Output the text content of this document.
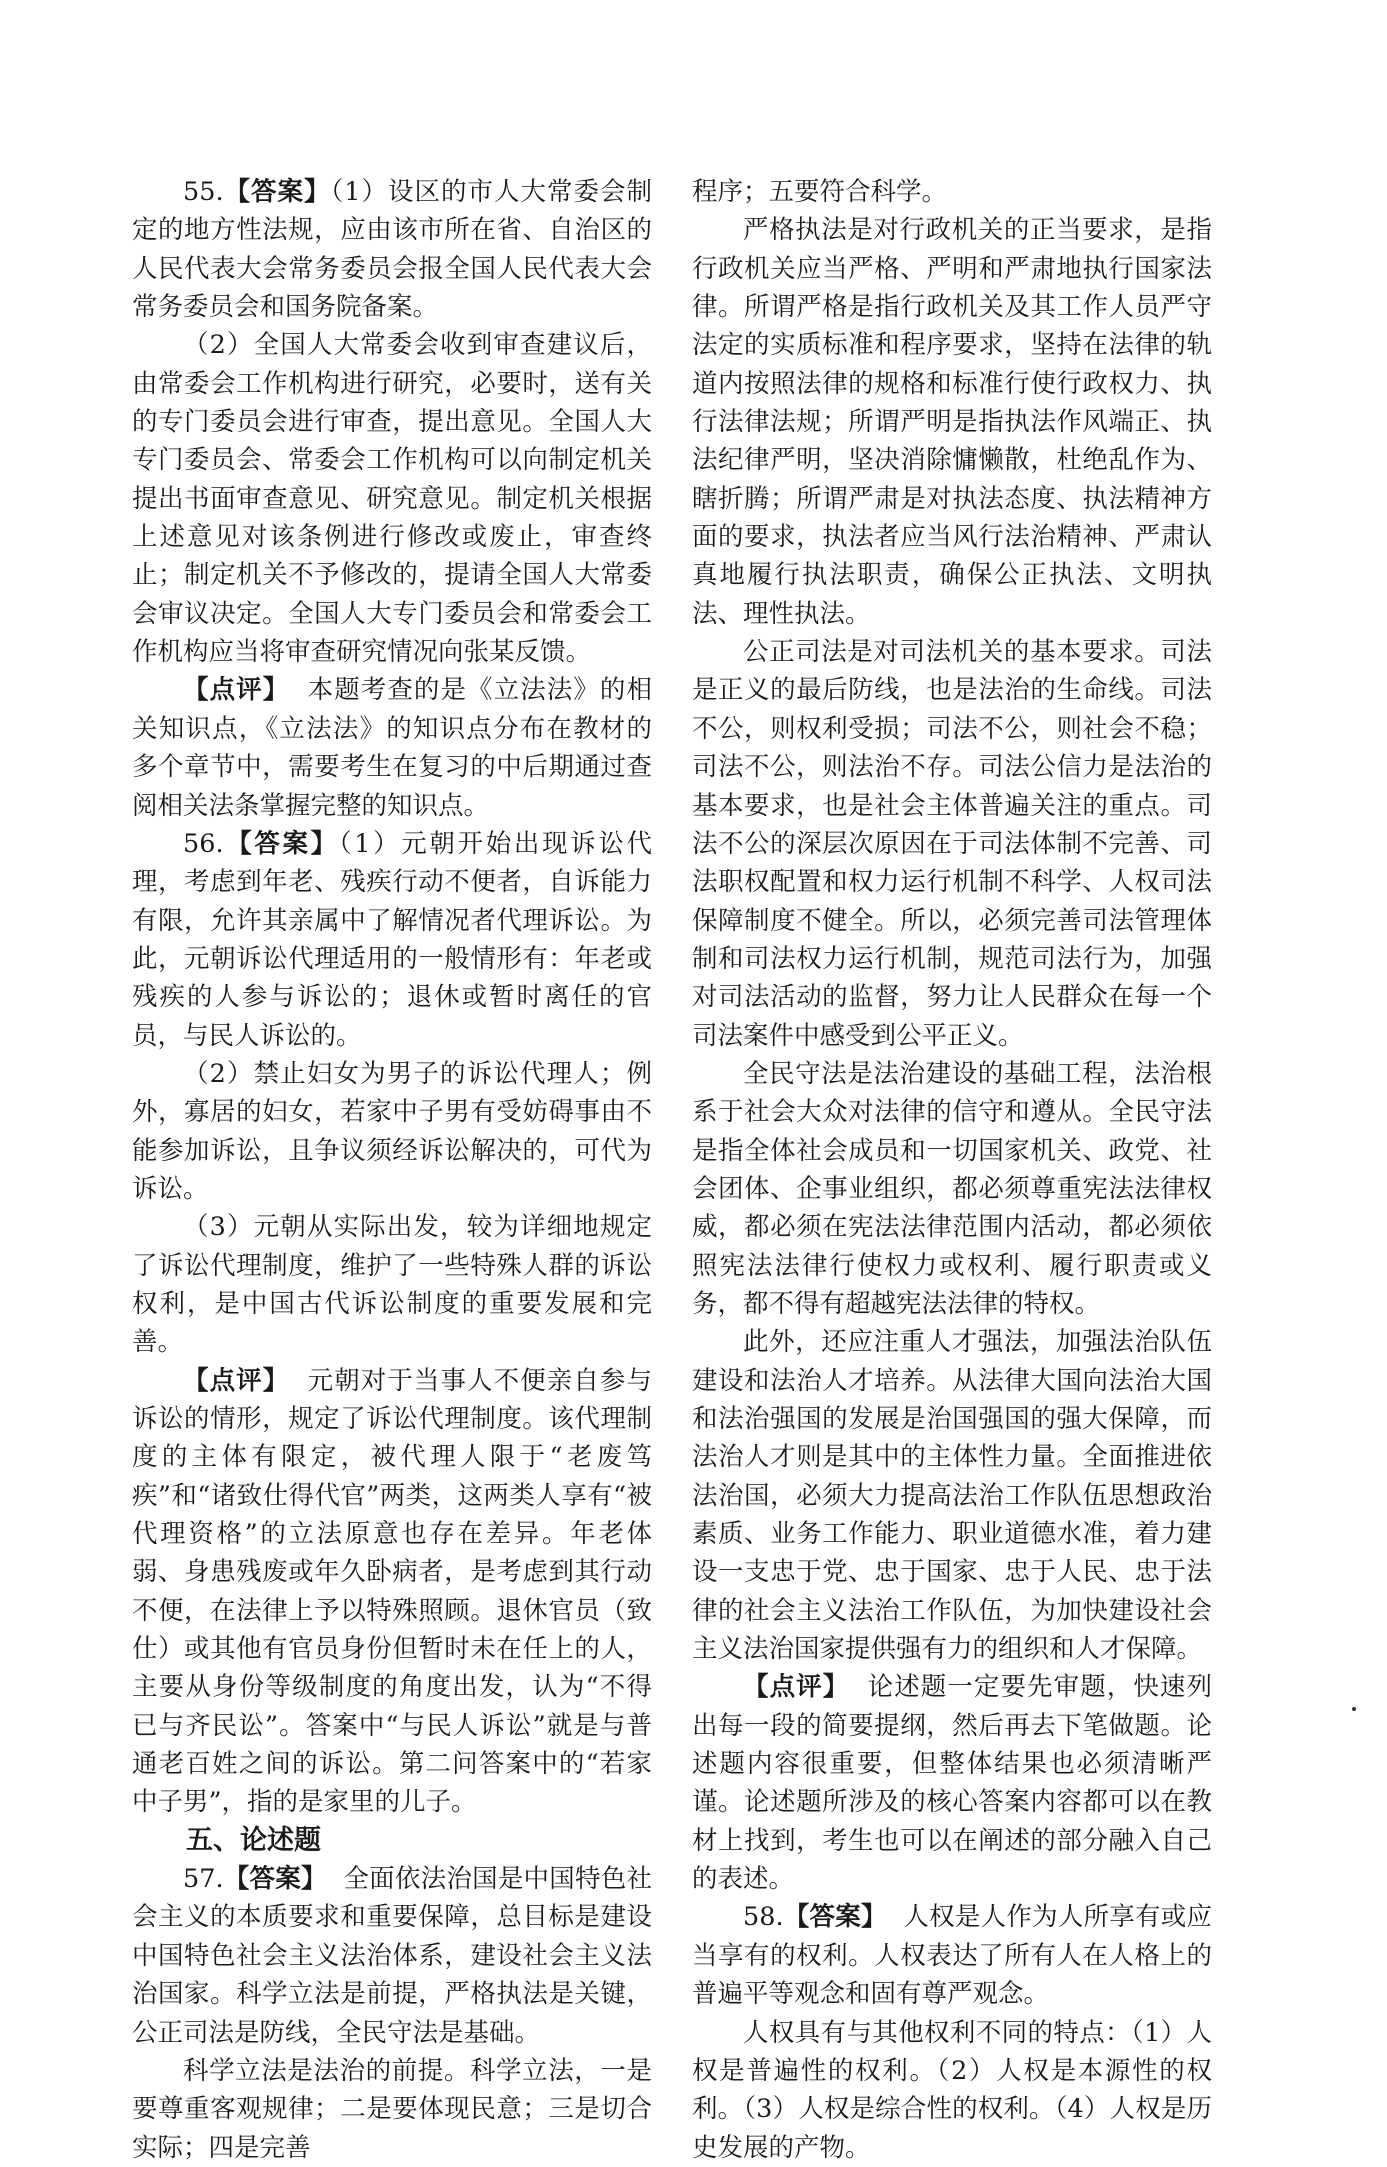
55.【答案】（1）设区的市人大常委会制定的地方性法规，应由该市所在省、自治区的人民代表大会常务委员会报全国人民代表大会常务委员会和国务院备案。

（2）全国人大常委会收到审查建议后，由常委会工作机构进行研究，必要时，送有关的专门委员会进行审查，提出意见。全国人大专门委员会、常委会工作机构可以向制定机关提出书面审查意见、研究意见。制定机关根据上述意见对该条例进行修改或废止，审查终止；制定机关不予修改的，提请全国人大常委会审议决定。全国人大专门委员会和常委会工作机构应当将审查研究情况向张某反馈。

【点评】 本题考查的是《立法法》的相关知识点，《立法法》的知识点分布在教材的多个章节中，需要考生在复习的中后期通过查阅相关法条掌握完整的知识点。

56.【答案】（1）元朝开始出现诉讼代理，考虑到年老、残疾行动不便者，自诉能力有限，允许其亲属中了解情况者代理诉讼。为此，元朝诉讼代理适用的一般情形有：年老或残疾的人参与诉讼的；退休或暂时离任的官员，与民人诉讼的。

（2）禁止妇女为男子的诉讼代理人；例外，寡居的妇女，若家中子男有受妨碍事由不能参加诉讼，且争议须经诉讼解决的，可代为诉讼。

（3）元朝从实际出发，较为详细地规定了诉讼代理制度，维护了一些特殊人群的诉讼权利，是中国古代诉讼制度的重要发展和完善。

【点评】 元朝对于当事人不便亲自参与诉讼的情形，规定了诉讼代理制度。该代理制度的主体有限定，被代理人限于“老废笃疾”和“诸致仕得代官”两类，这两类人享有“被代理资格”的立法原意也存在差异。年老体弱、身患残废或年久卧病者，是考虑到其行动不便，在法律上予以特殊照顾。退休官员（致仕）或其他有官员身份但暂时未在任上的人，主要从身份等级制度的角度出发，认为“不得已与齐民讼”。答案中“与民人诉讼”就是与普通老百姓之间的诉讼。第二问答案中的“若家中子男”，指的是家里的儿子。

五、论述题

57.【答案】 全面依法治国是中国特色社会主义的本质要求和重要保障，总目标是建设中国特色社会主义法治体系，建设社会主义法治国家。科学立法是前提，严格执法是关键，公正司法是防线，全民守法是基础。

科学立法是法治的前提。科学立法，一是要尊重客观规律；二是要体现民意；三是切合实际；四是完善

程序；五要符合科学。

严格执法是对行政机关的正当要求，是指行政机关应当严格、严明和严肃地执行国家法律。所谓严格是指行政机关及其工作人员严守法定的实质标准和程序要求，坚持在法律的轨道内按照法律的规格和标准行使行政权力、执行法律法规；所谓严明是指执法作风端正、执法纪律严明，坚决消除慵懒散，杜绝乱作为、瞎折腾；所谓严肃是对执法态度、执法精神方面的要求，执法者应当风行法治精神、严肃认真地履行执法职责，确保公正执法、文明执法、理性执法。

公正司法是对司法机关的基本要求。司法是正义的最后防线，也是法治的生命线。司法不公，则权利受损；司法不公，则社会不稳；司法不公，则法治不存。司法公信力是法治的基本要求，也是社会主体普遍关注的重点。司法不公的深层次原因在于司法体制不完善、司法职权配置和权力运行机制不科学、人权司法保障制度不健全。所以，必须完善司法管理体制和司法权力运行机制，规范司法行为，加强对司法活动的监督，努力让人民群众在每一个司法案件中感受到公平正义。

全民守法是法治建设的基础工程，法治根系于社会大众对法律的信守和遵从。全民守法是指全体社会成员和一切国家机关、政党、社会团体、企事业组织，都必须尊重宪法法律权威，都必须在宪法法律范围内活动，都必须依照宪法法律行使权力或权利、履行职责或义务，都不得有超越宪法法律的特权。

此外，还应注重人才强法，加强法治队伍建设和法治人才培养。从法律大国向法治大国和法治强国的发展是治国强国的强大保障，而法治人才则是其中的主体性力量。全面推进依法治国，必须大力提高法治工作队伍思想政治素质、业务工作能力、职业道德水准，着力建设一支忠于党、忠于国家、忠于人民、忠于法律的社会主义法治工作队伍，为加快建设社会主义法治国家提供强有力的组织和人才保障。

【点评】 论述题一定要先审题，快速列出每一段的简要提纲，然后再去下笔做题。论述题内容很重要，但整体结果也必须清晰严谨。论述题所涉及的核心答案内容都可以在教材上找到，考生也可以在阐述的部分融入自己的表述。

58.【答案】 人权是人作为人所享有或应当享有的权利。人权表达了所有人在人格上的普遍平等观念和固有尊严观念。

人权具有与其他权利不同的特点：（1）人权是普遍性的权利。（2）人权是本源性的权利。（3）人权是综合性的权利。（4）人权是历史发展的产物。
